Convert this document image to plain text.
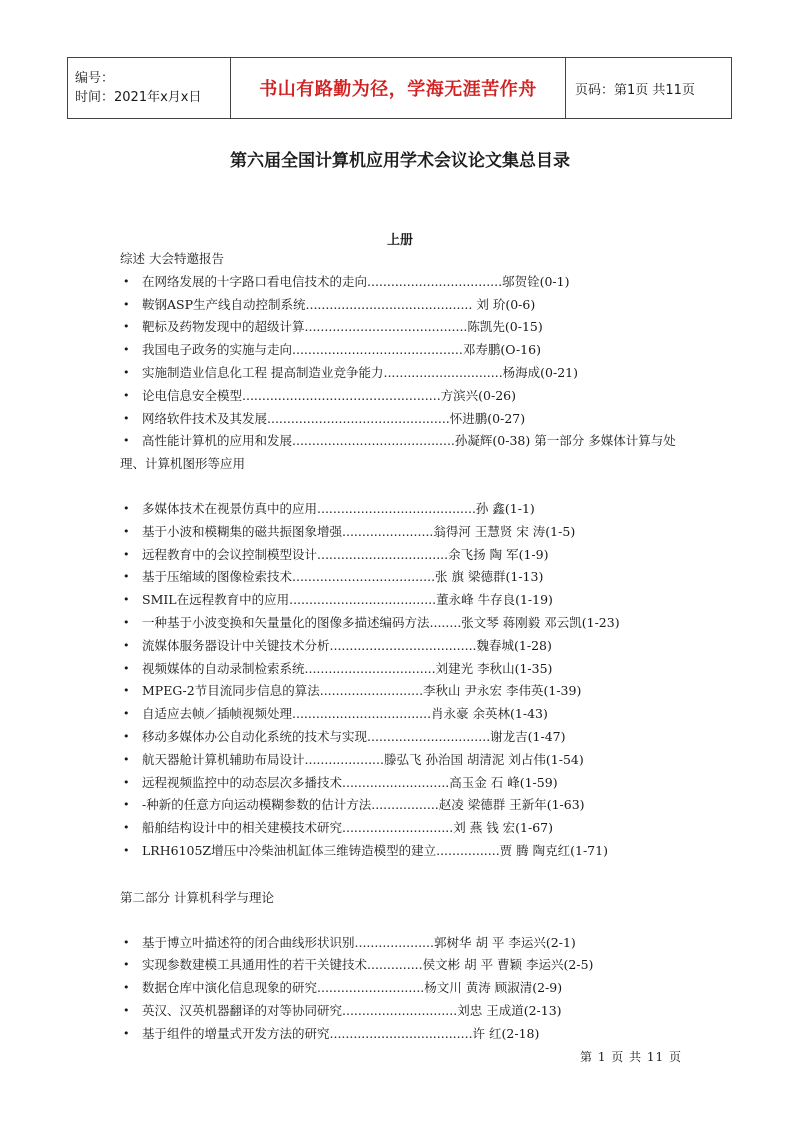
编号：
时间：2021年x月x日	书山有路勤为径，学海无涯苦作舟	页码：第1页 共11页
第六届全国计算机应用学术会议论文集总目录
上册

综述 大会特邀报告

• 在网络发展的十字路口看电信技术的走向..................................邬贺铨(0-1)
• 鞍钢ASP生产线自动控制系统.......................................... 刘 玠(0-6)
• 靶标及药物发现中的超级计算.........................................陈凯先(0-15)
• 我国电子政务的实施与走向...........................................邓寿鹏(O-16)
• 实施制造业信息化工程 提高制造业竞争能力..............................杨海成(0-21)
• 论电信息安全模型..................................................方滨兴(0-26)
• 网络软件技术及其发展..............................................怀进鹏(0-27)
• 高性能计算机的应用和发展.........................................孙凝辉(0-38) 第一部分 多媒体计算与处

理、计算机图形等应用

• 多媒体技术在视景仿真中的应用........................................孙 鑫(1-1)
• 基于小波和模糊集的磁共振图象增强.......................翁得河 王慧贤 宋 涛(1-5)
• 远程教育中的会议控制模型设计.................................余飞扬 陶 军(1-9)
• 基于压缩域的图像检索技术....................................张 旗 梁德群(1-13)
• SMIL在远程教育中的应用.....................................董永峰 牛存良(1-19)
• 一种基于小波变换和矢量量化的图像多描述编码方法........张文琴 蒋刚毅 邓云凯(1-23)
• 流媒体服务器设计中关键技术分析.....................................魏春城(1-28)
• 视频媒体的自动录制检索系统.................................刘建光 李秋山(1-35)
• MPEG-2节目流同步信息的算法..........................李秋山 尹永宏 李伟英(1-39)
• 自适应去帧／插帧视频处理...................................肖永豪 余英林(1-43)
• 移动多媒体办公自动化系统的技术与实现...............................谢龙吉(1-47)
• 航天器舱计算机辅助布局设计....................滕弘飞 孙治国 胡清泥 刘占伟(1-54)
• 远程视频监控中的动态层次多播技术...........................高玉金 石 峰(1-59)
• -种新的任意方向运动模糊参数的估计方法.................赵凌 梁德群 王新年(1-63)
• 船舶结构设计中的相关建模技术研究............................刘 燕 钱 宏(1-67)
• LRH6105Z增压中冷柴油机缸体三维铸造模型的建立................贾 腾 陶克红(1-71)

第二部分 计算机科学与理论

• 基于博立叶描述符的闭合曲线形状识别....................郭树华 胡 平 李运兴(2-1)
• 实现参数建模工具通用性的若干关键技术..............侯文彬 胡 平 曹颖 李运兴(2-5)
• 数据仓库中演化信息现象的研究...........................杨文川 黄涛 顾淑清(2-9)
• 英汉、汉英机器翻译的对等协同研究.............................刘忠 王成道(2-13)
• 基于组件的增量式开发方法的研究....................................许 红(2-18)
第 1 页 共 11 页
